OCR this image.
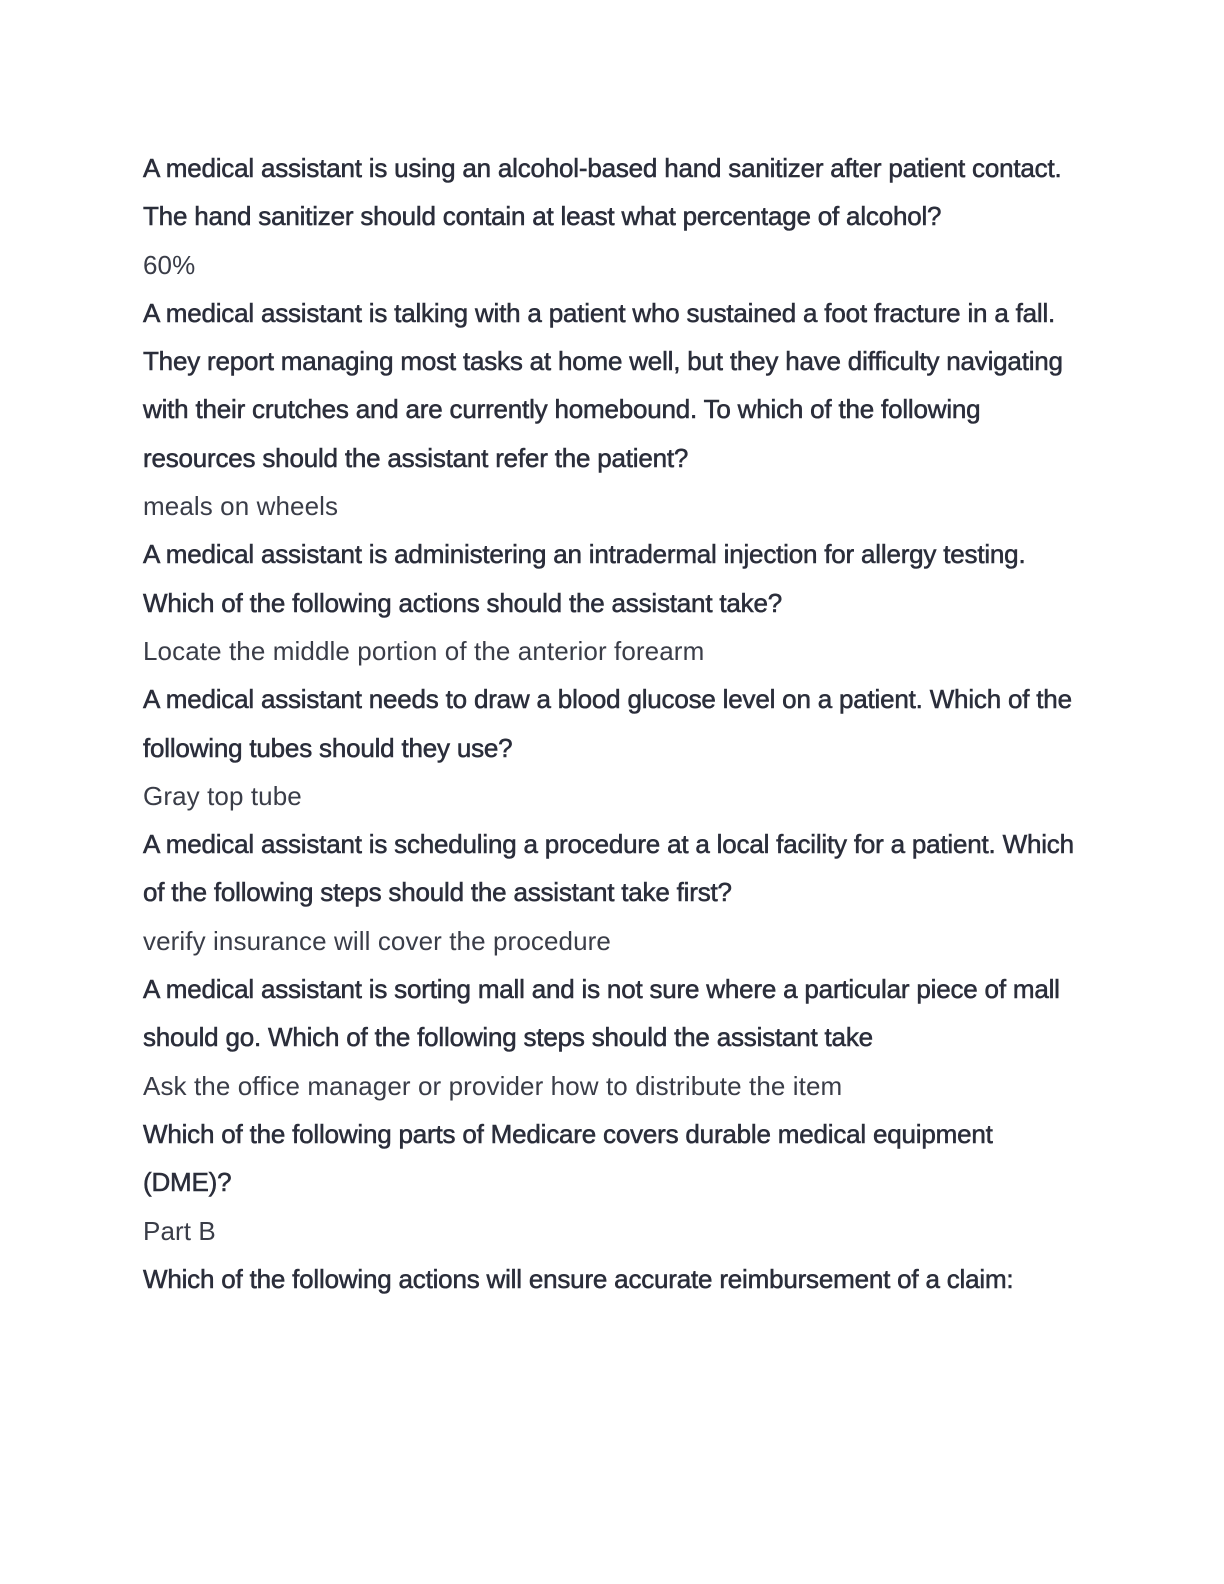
A medical assistant is using an alcohol-based hand sanitizer after patient contact. The hand sanitizer should contain at least what percentage of alcohol?

60%

A medical assistant is talking with a patient who sustained a foot fracture in a fall. They report managing most tasks at home well, but they have difficulty navigating with their crutches and are currently homebound. To which of the following resources should the assistant refer the patient?

meals on wheels

A medical assistant is administering an intradermal injection for allergy testing. Which of the following actions should the assistant take?

Locate the middle portion of the anterior forearm

A medical assistant needs to draw a blood glucose level on a patient. Which of the following tubes should they use?

Gray top tube

A medical assistant is scheduling a procedure at a local facility for a patient. Which of the following steps should the assistant take first?

verify insurance will cover the procedure

A medical assistant is sorting mall and is not sure where a particular piece of mall should go. Which of the following steps should the assistant take

Ask the office manager or provider how to distribute the item

Which of the following parts of Medicare covers durable medical equipment (DME)?

Part B

Which of the following actions will ensure accurate reimbursement of a claim:
